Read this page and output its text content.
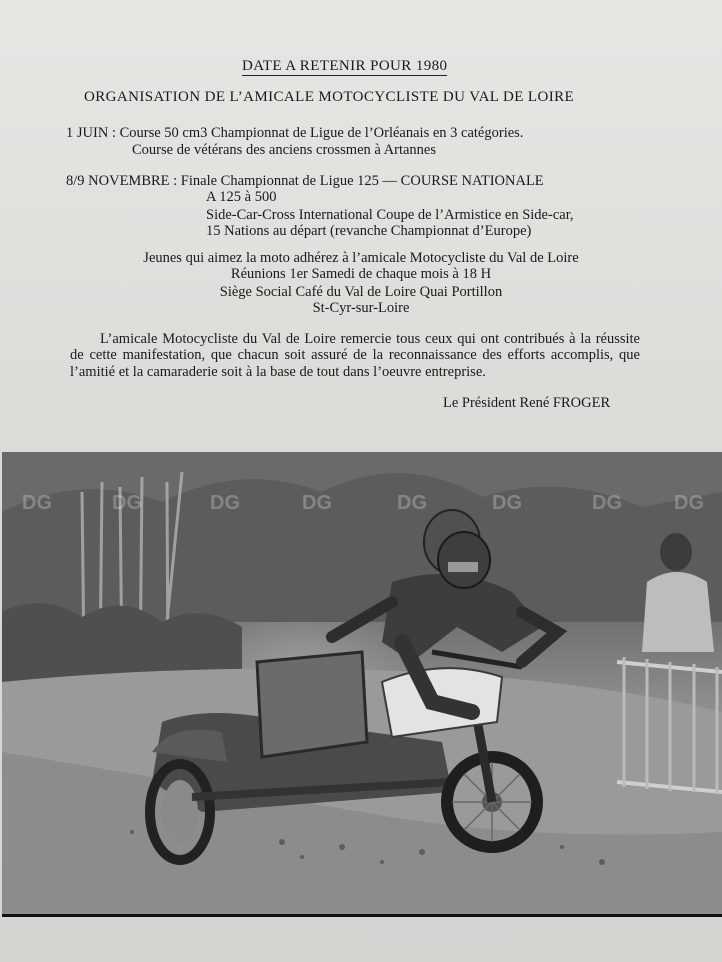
DATE A RETENIR POUR 1980
ORGANISATION DE L’AMICALE MOTOCYCLISTE DU VAL DE LOIRE
1 JUIN : Course 50 cm3 Championnat de Ligue de l’Orléanais en 3 catégories.
Course de vétérans des anciens crossmen à Artannes
8/9 NOVEMBRE : Finale Championnat de Ligue 125 — COURSE NATIONALE
A 125 à 500
Side-Car-Cross International Coupe de l’Armistice en Side-car,
15 Nations au départ (revanche Championnat d’Europe)
Jeunes qui aimez la moto adhérez à l’amicale Motocycliste du Val de Loire
Réunions 1er Samedi de chaque mois à 18 H
Siège Social Café du Val de Loire Quai Portillon
St-Cyr-sur-Loire
L’amicale Motocycliste du Val de Loire remercie tous ceux qui ont contribués à la réussite de cette manifestation, que chacun soit assuré de la reconnaissance des efforts accomplis, que l’amitié et la camaraderie soit à la base de tout dans l’oeuvre entreprise.
Le Président René FROGER
DG	DG	DG	DG	DG	DG	DG	DG
